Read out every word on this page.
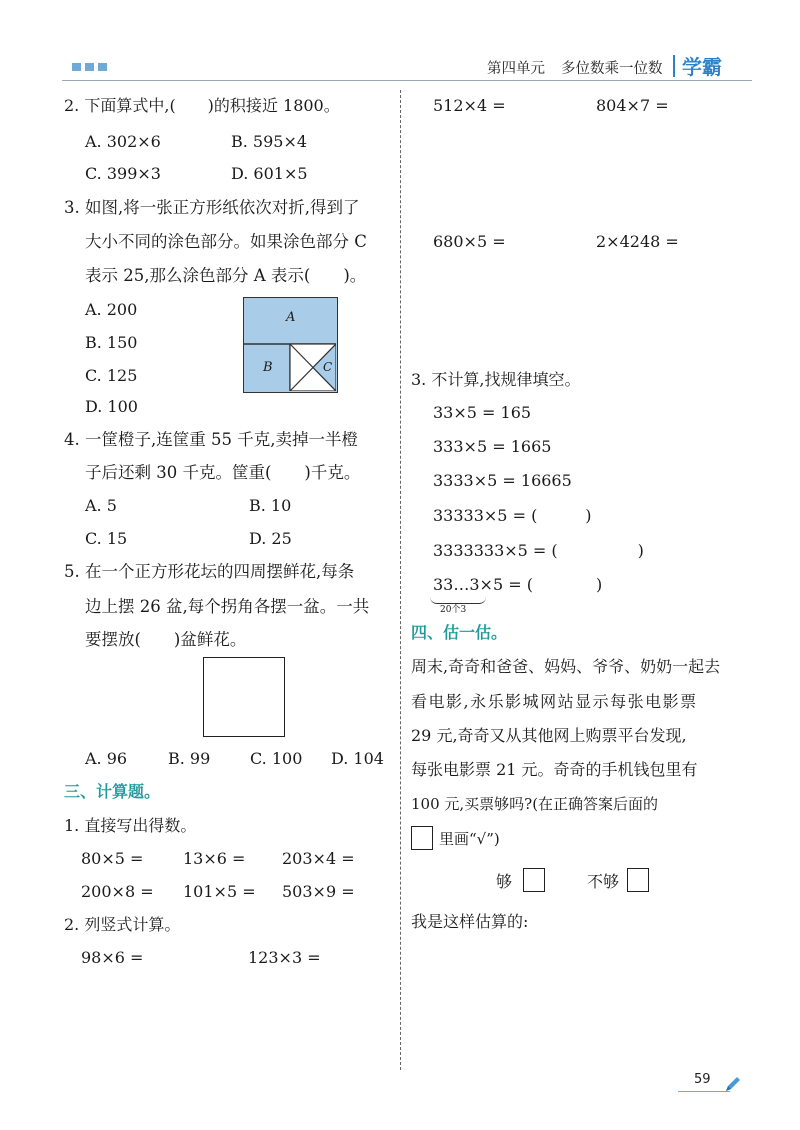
第四单元 多位数乘一位数 学霸
2. 下面算式中,(　　)的积接近 1800。
A. 302×6	B. 595×4
C. 399×3	D. 601×5
3. 如图,将一张正方形纸依次对折,得到了
大小不同的涂色部分。如果涂色部分 C
表示 25,那么涂色部分 A 表示(　　)。
A. 200
B. 150
C. 125
D. 100
A
B	C
4. 一筐橙子,连筐重 55 千克,卖掉一半橙
子后还剩 30 千克。筐重(　　)千克。
A. 5	B. 10
C. 15	D. 25
5. 在一个正方形花坛的四周摆鲜花,每条
边上摆 26 盆,每个拐角各摆一盆。一共
要摆放(　　)盆鲜花。
A. 96	B. 99 C. 100 D. 104
三、计算题。
1. 直接写出得数。
80×5 = 13×6 = 203×4 =
200×8 = 101×5 = 503×9 =
2. 列竖式计算。
98×6 =	123×3 =
512×4 =	804×7 =
680×5 =	2×4248 =
3. 不计算,找规律填空。
33×5 = 165
333×5 = 1665
3333×5 = 16665
33333×5 = (　　　)
3333333×5 = (　　　　　)
33…3×5 = (	)
20个3
四、估一估。
周末,奇奇和爸爸、妈妈、爷爷、奶奶一起去
看电影,永乐影城网站显示每张电影票
29 元,奇奇又从其他网上购票平台发现,
每张电影票 21 元。奇奇的手机钱包里有
100 元,买票够吗?(在正确答案后面的
里画“√”)
够	不够
我是这样估算的:
59
